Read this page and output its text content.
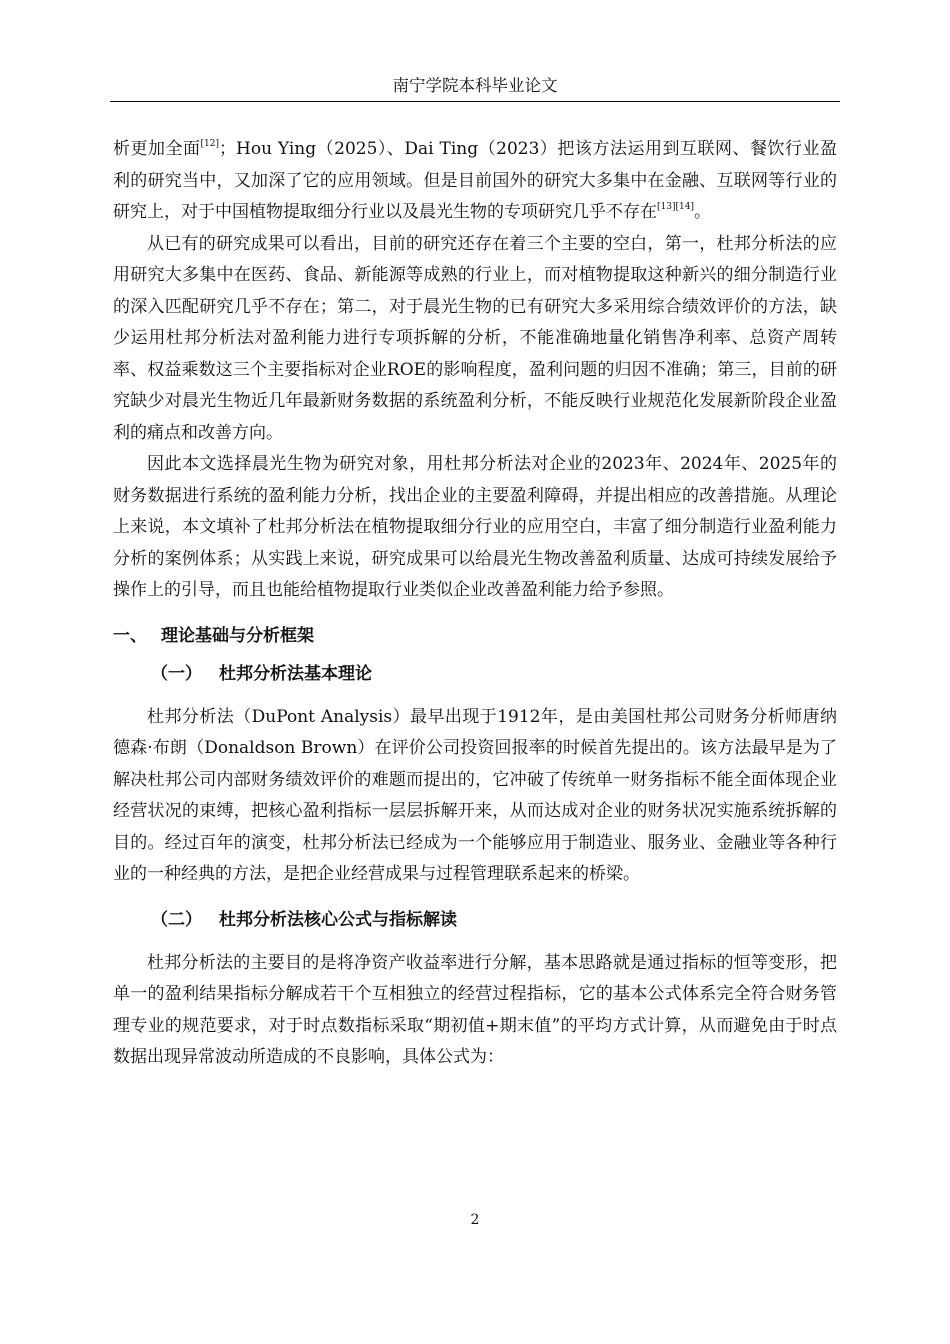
南宁学院本科毕业论文

析更加全面[12]；Hou Ying（2025）、Dai Ting（2023）把该方法运用到互联网、餐饮行业盈利的研究当中，又加深了它的应用领域。但是目前国外的研究大多集中在金融、互联网等行业的研究上，对于中国植物提取细分行业以及晨光生物的专项研究几乎不存在[13][14]。

从已有的研究成果可以看出，目前的研究还存在着三个主要的空白，第一，杜邦分析法的应用研究大多集中在医药、食品、新能源等成熟的行业上，而对植物提取这种新兴的细分制造行业的深入匹配研究几乎不存在；第二，对于晨光生物的已有研究大多采用综合绩效评价的方法，缺少运用杜邦分析法对盈利能力进行专项拆解的分析，不能准确地量化销售净利率、总资产周转率、权益乘数这三个主要指标对企业ROE的影响程度，盈利问题的归因不准确；第三，目前的研究缺少对晨光生物近几年最新财务数据的系统盈利分析，不能反映行业规范化发展新阶段企业盈利的痛点和改善方向。

因此本文选择晨光生物为研究对象，用杜邦分析法对企业的2023年、2024年、2025年的财务数据进行系统的盈利能力分析，找出企业的主要盈利障碍，并提出相应的改善措施。从理论上来说，本文填补了杜邦分析法在植物提取细分行业的应用空白，丰富了细分制造行业盈利能力分析的案例体系；从实践上来说，研究成果可以给晨光生物改善盈利质量、达成可持续发展给予操作上的引导，而且也能给植物提取行业类似企业改善盈利能力给予参照。

一、 理论基础与分析框架
（一） 杜邦分析法基本理论

杜邦分析法（DuPont Analysis）最早出现于1912年，是由美国杜邦公司财务分析师唐纳德森·布朗（Donaldson Brown）在评价公司投资回报率的时候首先提出的。该方法最早是为了解决杜邦公司内部财务绩效评价的难题而提出的，它冲破了传统单一财务指标不能全面体现企业经营状况的束缚，把核心盈利指标一层层拆解开来，从而达成对企业的财务状况实施系统拆解的目的。经过百年的演变，杜邦分析法已经成为一个能够应用于制造业、服务业、金融业等各种行业的一种经典的方法，是把企业经营成果与过程管理联系起来的桥梁。

（二） 杜邦分析法核心公式与指标解读

杜邦分析法的主要目的是将净资产收益率进行分解，基本思路就是通过指标的恒等变形，把单一的盈利结果指标分解成若干个互相独立的经营过程指标，它的基本公式体系完全符合财务管理专业的规范要求，对于时点数指标采取“期初值+期末值”的平均方式计算，从而避免由于时点数据出现异常波动所造成的不良影响，具体公式为：

2
